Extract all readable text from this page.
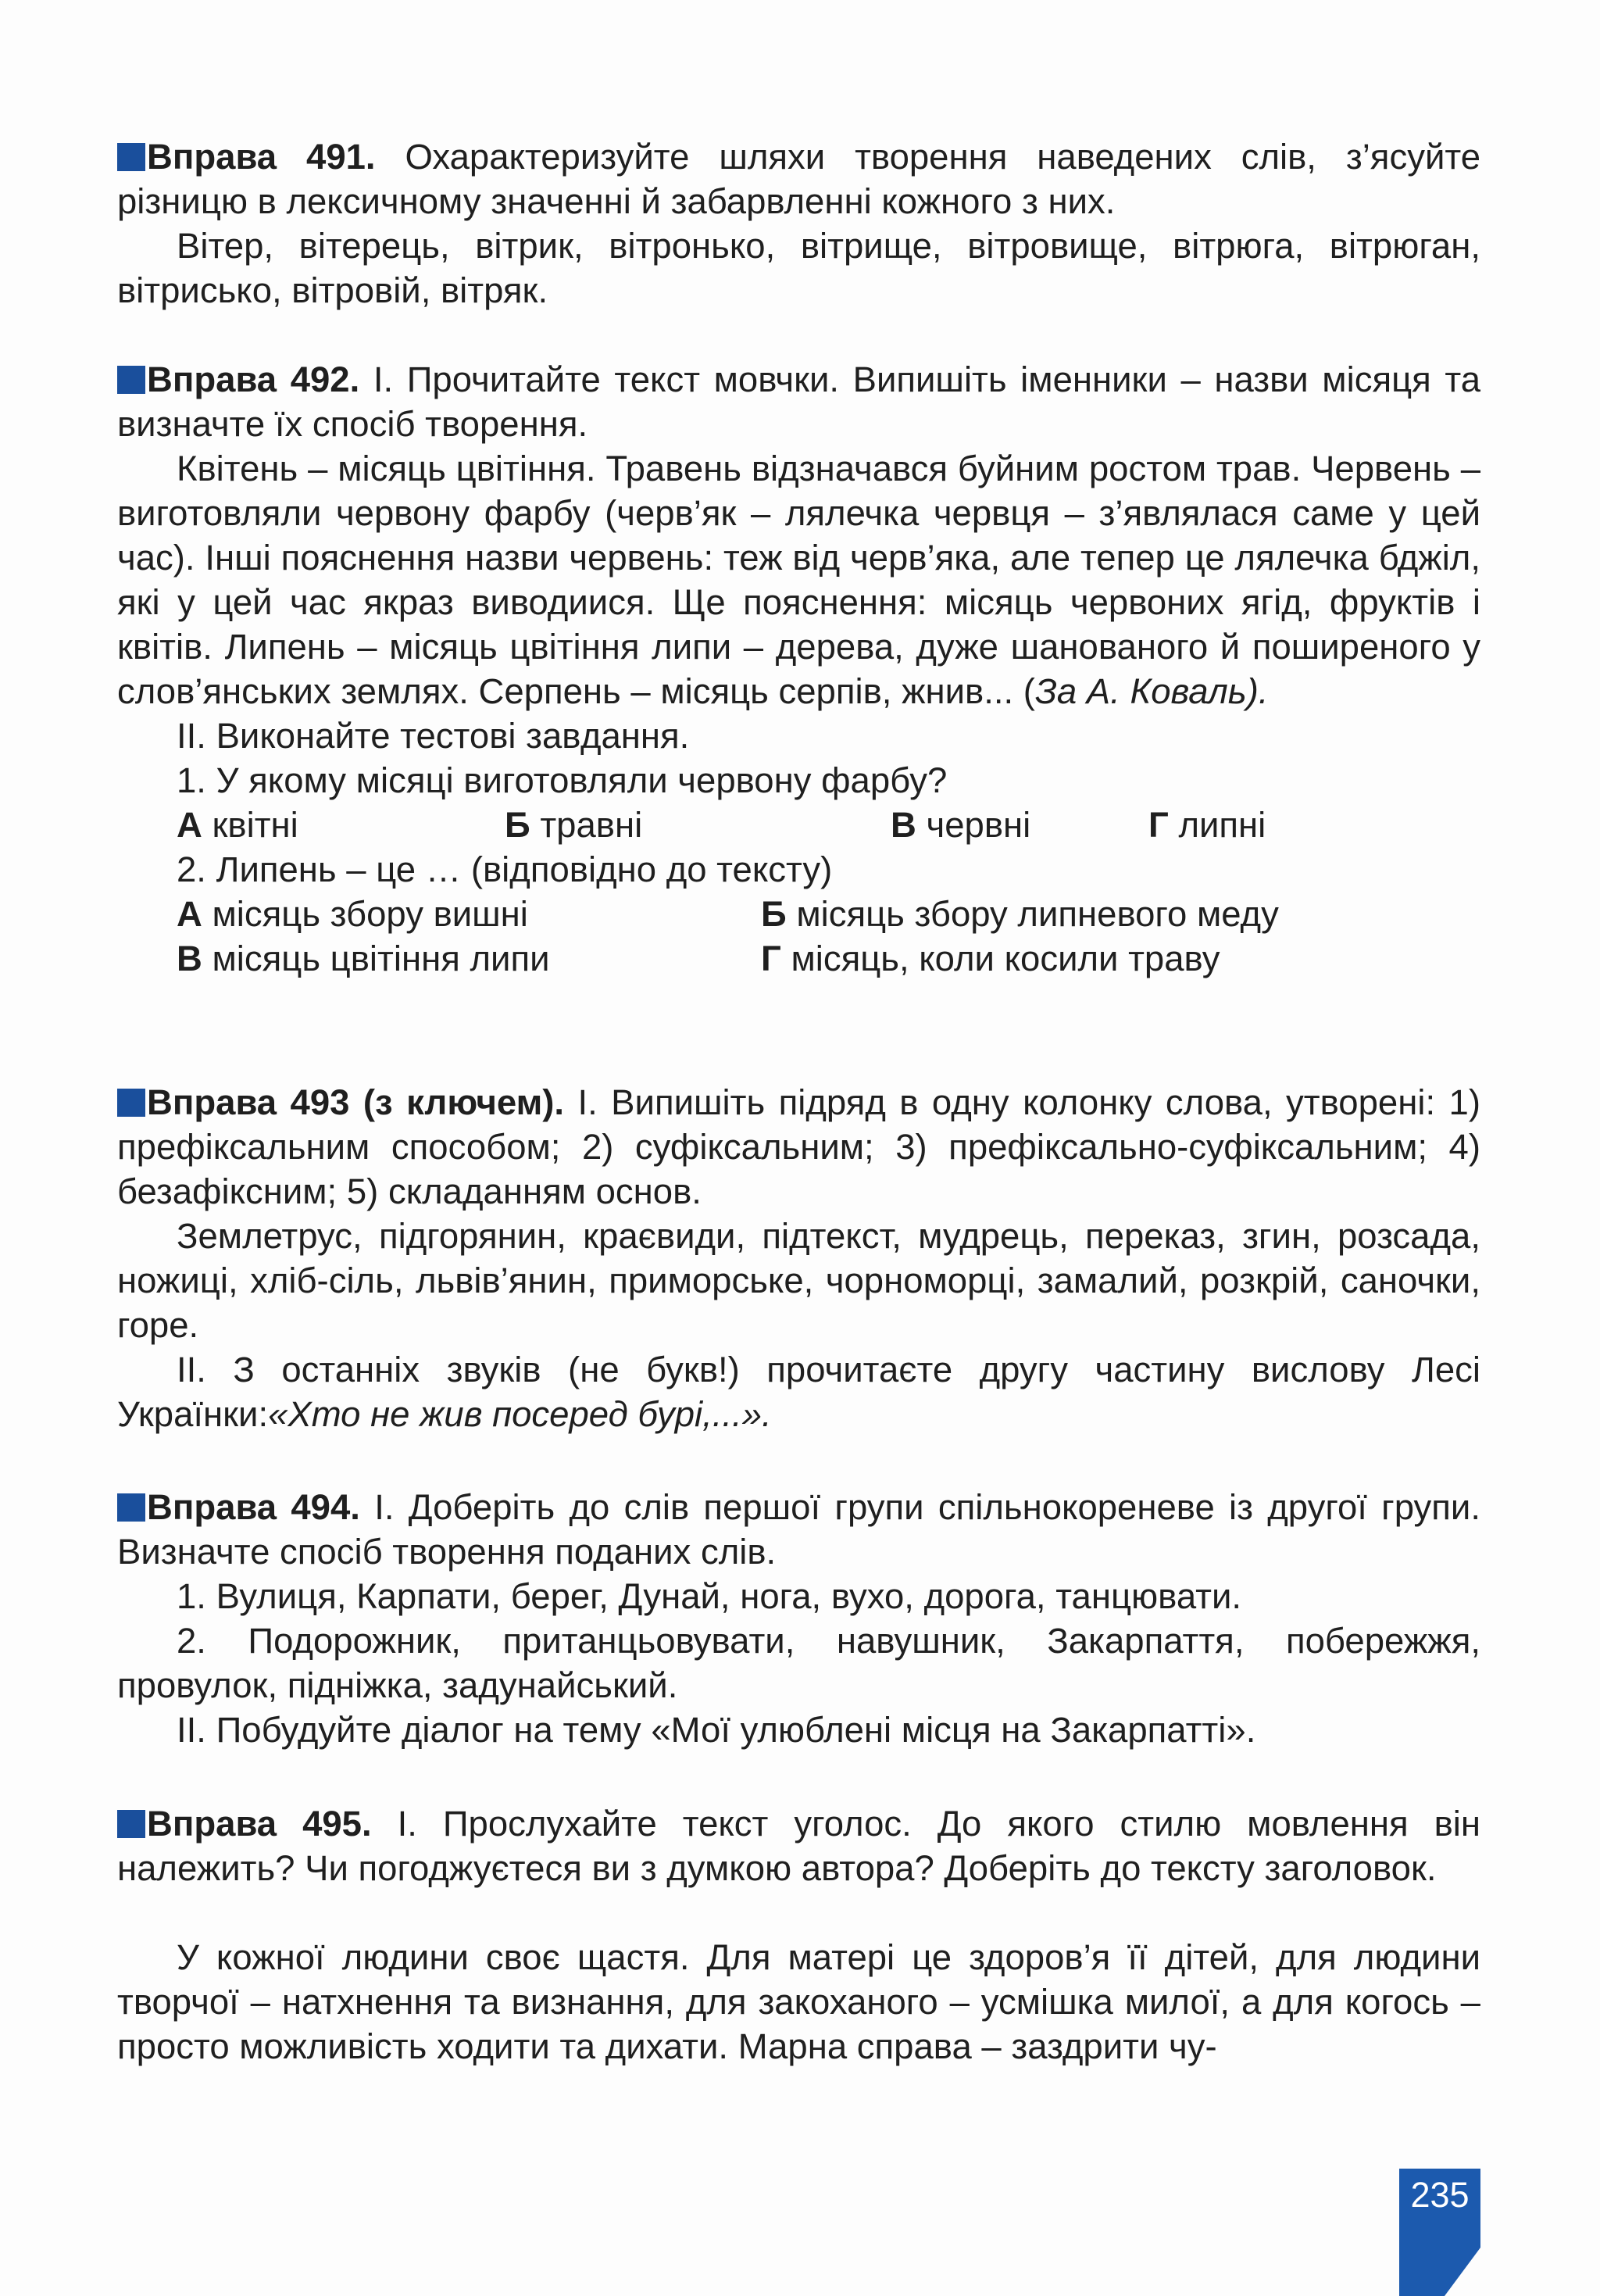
Вправа 491. Охарактеризуйте шляхи творення наведених слів, з’ясуйте різницю в лексичному значенні й забарвленні кожного з них.

Вітер, вітерець, вітрик, вітронько, вітрище, вітровище, вітрюга, вітрюган, вітрисько, вітровій, вітряк.

Вправа 492. І. Прочитайте текст мовчки. Випишіть іменники – назви місяця та визначте їх спосіб творення.

Квітень – місяць цвітіння. Травень відзначався буйним ростом трав. Червень – виготовляли червону фарбу (черв’як – лялечка червця – з’являлася саме у цей час). Інші пояснення назви червень: теж від черв’яка, але тепер це лялечка бджіл, які у цей час якраз виводиися. Ще пояснення: місяць червоних ягід, фруктів і квітів. Липень – місяць цвітіння липи – дерева, дуже шанованого й поширеного у слов’янських землях. Серпень – місяць серпів, жнив... (За А. Коваль).

ІІ. Виконайте тестові завдання.

1. У якому місяці виготовляли червону фарбу?

А квітні	Б травні	В червні	Г липні

2. Липень – це … (відповідно до тексту)

А місяць збору вишні	Б місяць збору липневого меду
В місяць цвітіння липи	Г місяць, коли косили траву

Вправа 493 (з ключем). І. Випишіть підряд в одну колонку слова, утворені: 1) префіксальним способом; 2) суфіксальним; 3) префіксально-суфіксальним; 4) безафіксним; 5) складанням основ.

Землетрус, підгорянин, краєвиди, підтекст, мудрець, переказ, згин, розсада, ножиці, хліб-сіль, львів’янин, приморське, чорноморці, замалий, розкрій, саночки, горе.

ІІ. З останніх звуків (не букв!) прочитаєте другу частину вислову Лесі Українки:«Хто не жив посеред бурі,...».

Вправа 494. І. Доберіть до слів першої групи спільнокореневе із другої групи. Визначте спосіб творення поданих слів.

1. Вулиця, Карпати, берег, Дунай, нога, вухо, дорога, танцювати.

2. Подорожник, пританцьовувати, навушник, Закарпаття, побережжя, провулок, підніжка, задунайський.

ІІ. Побудуйте діалог на тему «Мої улюблені місця на Закарпатті».

Вправа 495. І. Прослухайте текст уголос. До якого стилю мовлення він належить? Чи погоджуєтеся ви з думкою автора? Доберіть до тексту заголовок.

У кожної людини своє щастя. Для матері це здоров’я її дітей, для людини творчої – натхнення та визнання, для закоханого – усмішка милої, а для когось – просто можливість ходити та дихати. Марна справа – заздрити чу-

235
